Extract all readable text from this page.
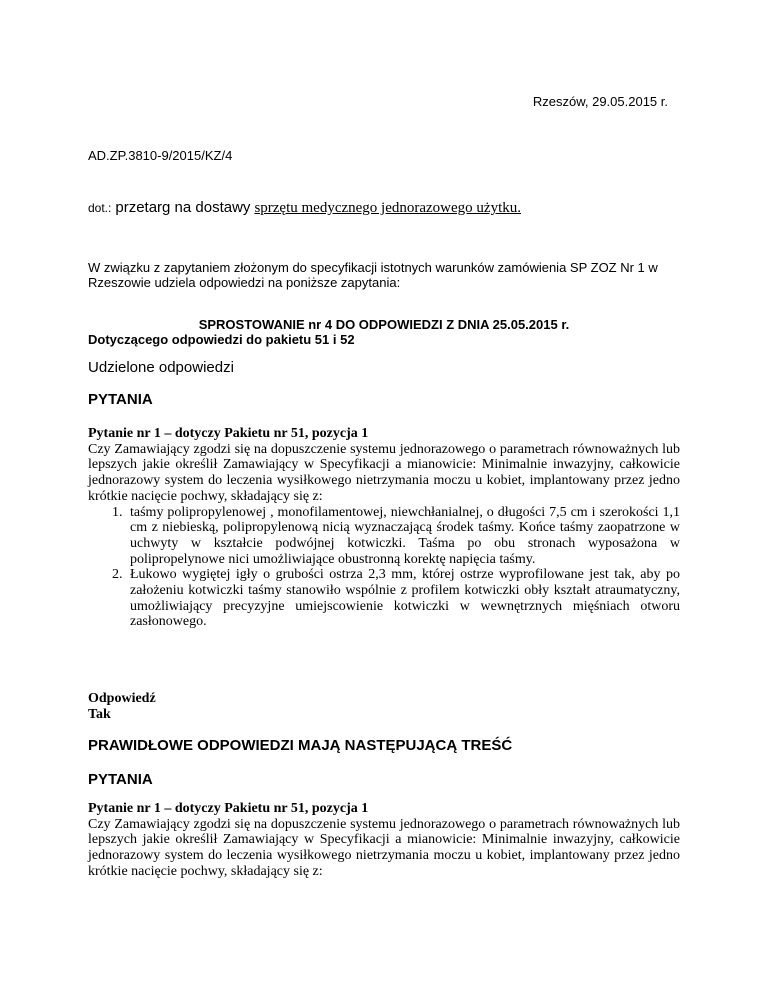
Rzeszów, 29.05.2015 r.
AD.ZP.3810-9/2015/KZ/4
dot.: przetarg na dostawy sprzętu medycznego jednorazowego użytku.
W związku z zapytaniem złożonym do specyfikacji istotnych warunków zamówienia SP ZOZ Nr 1 w Rzeszowie udziela odpowiedzi na poniższe zapytania:
SPROSTOWANIE nr 4 DO ODPOWIEDZI Z DNIA 25.05.2015 r.
Dotyczącego odpowiedzi do pakietu 51 i 52
Udzielone odpowiedzi
PYTANIA
Pytanie nr 1 – dotyczy Pakietu nr 51, pozycja 1

Czy Zamawiający zgodzi się na dopuszczenie systemu jednorazowego o parametrach równoważnych lub lepszych jakie określił Zamawiający w Specyfikacji a mianowicie: Minimalnie inwazyjny, całkowicie jednorazowy system do leczenia wysiłkowego nietrzymania moczu u kobiet, implantowany przez jedno krótkie nacięcie pochwy, składający się z:

1. taśmy polipropylenowej , monofilamentowej, niewchłanialnej, o długości 7,5 cm i szerokości 1,1 cm z niebieską, polipropylenową nicią wyznaczającą środek taśmy. Końce taśmy zaopatrzone w uchwyty w kształcie podwójnej kotwiczki. Taśma po obu stronach wyposażona w polipropelynowe nici umożliwiające obustronną korektę napięcia taśmy.
2. Łukowo wygiętej igły o grubości ostrza 2,3 mm, której ostrze wyprofilowane jest tak, aby po założeniu kotwiczki taśmy stanowiło wspólnie z profilem kotwiczki obły kształt atraumatyczny, umożliwiający precyzyjne umiejscowienie kotwiczki w wewnętrznych mięśniach otworu zasłonowego.
Odpowiedź
Tak
PRAWIDŁOWE ODPOWIEDZI MAJĄ NASTĘPUJĄCĄ TREŚĆ
PYTANIA
Pytanie nr 1 – dotyczy Pakietu nr 51, pozycja 1

Czy Zamawiający zgodzi się na dopuszczenie systemu jednorazowego o parametrach równoważnych lub lepszych jakie określił Zamawiający w Specyfikacji a mianowicie: Minimalnie inwazyjny, całkowicie jednorazowy system do leczenia wysiłkowego nietrzymania moczu u kobiet, implantowany przez jedno krótkie nacięcie pochwy, składający się z:
